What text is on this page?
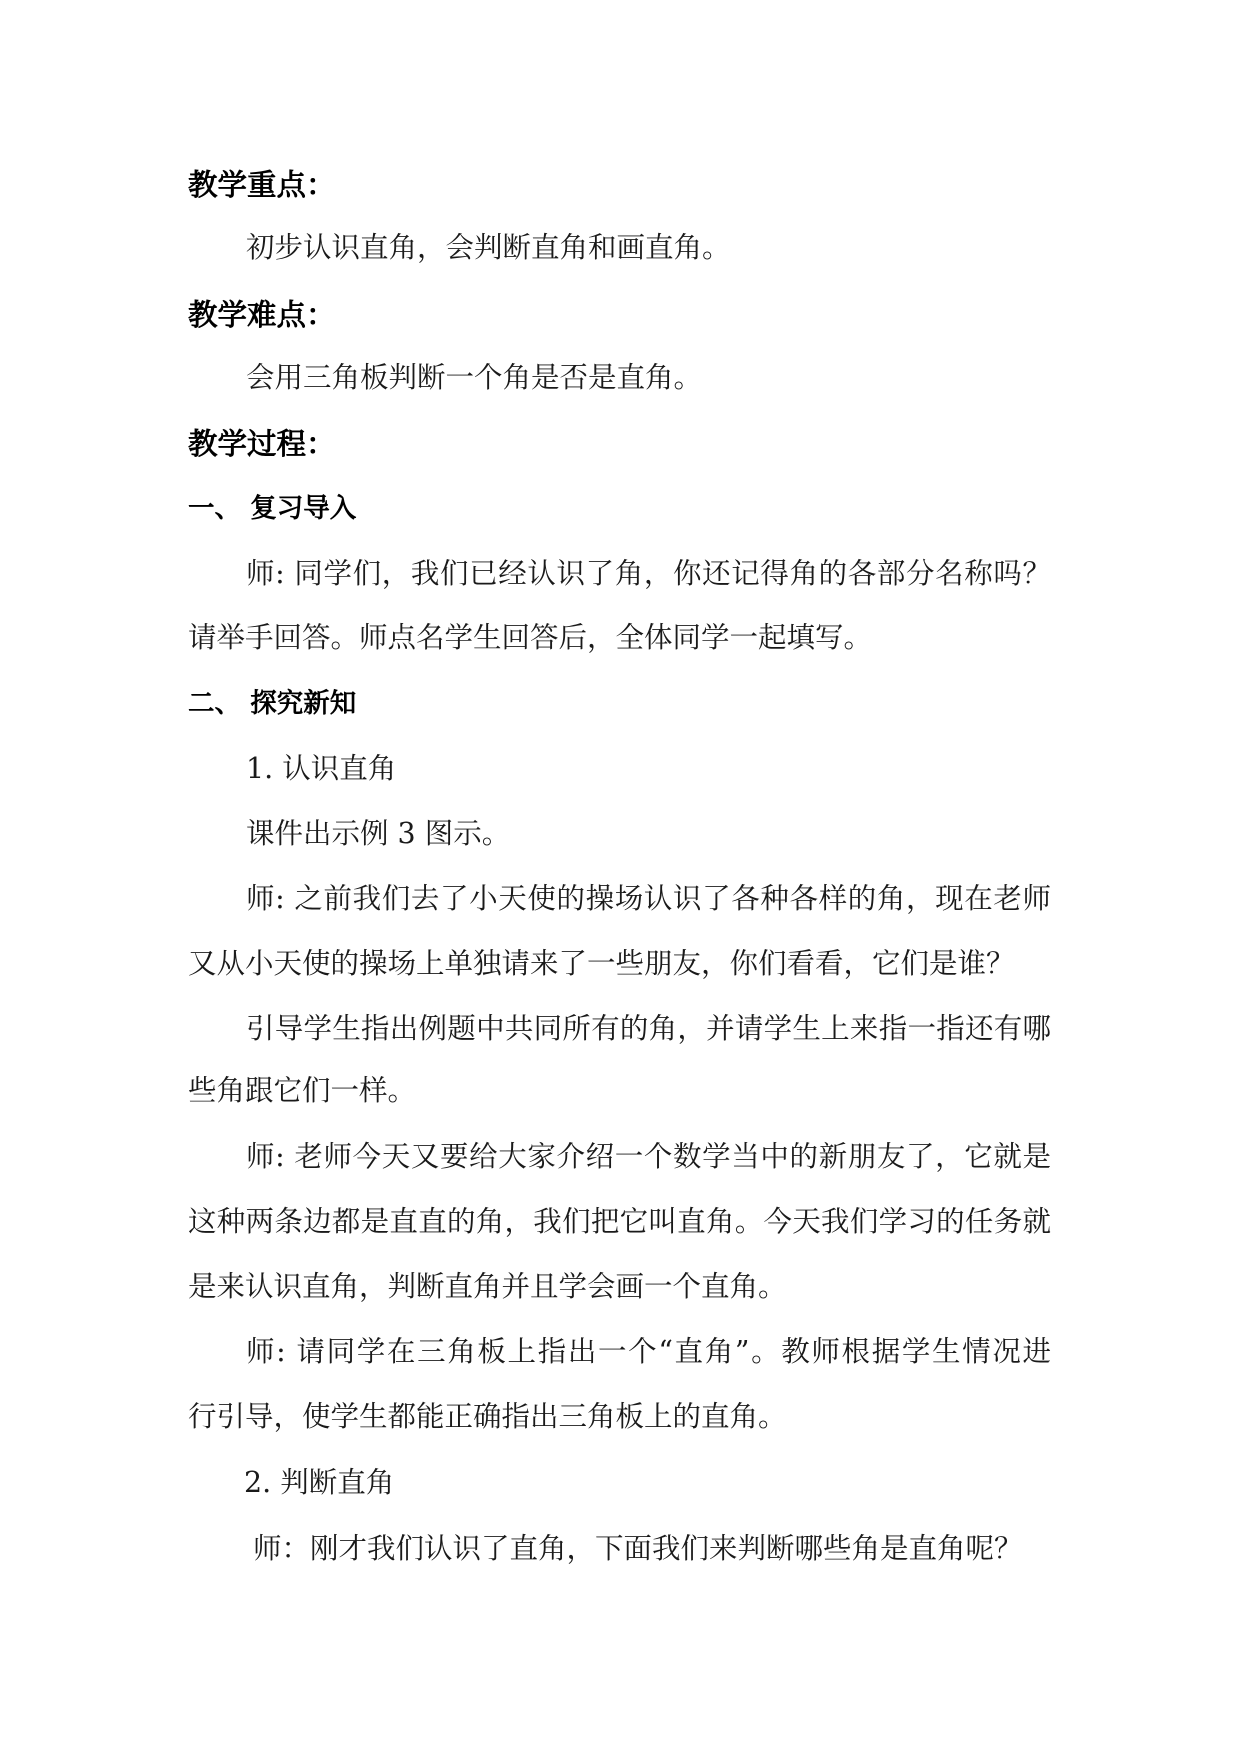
教学重点：
初步认识直角，会判断直角和画直角。
教学难点：
会用三角板判断一个角是否是直角。
教学过程：
一、 复习导入
师: 同学们，我们已经认识了角，你还记得角的各部分名称吗？
请举手回答。师点名学生回答后，全体同学一起填写。
二、 探究新知
1. 认识直角
课件出示例 3 图示。
师: 之前我们去了小天使的操场认识了各种各样的角，现在老师
又从小天使的操场上单独请来了一些朋友，你们看看，它们是谁？
引导学生指出例题中共同所有的角，并请学生上来指一指还有哪
些角跟它们一样。
师: 老师今天又要给大家介绍一个数学当中的新朋友了，它就是
这种两条边都是直直的角，我们把它叫直角。今天我们学习的任务就
是来认识直角，判断直角并且学会画一个直角。
师: 请同学在三角板上指出一个“直角”。教师根据学生情况进
行引导，使学生都能正确指出三角板上的直角。
2. 判断直角
师：刚才我们认识了直角，下面我们来判断哪些角是直角呢？
